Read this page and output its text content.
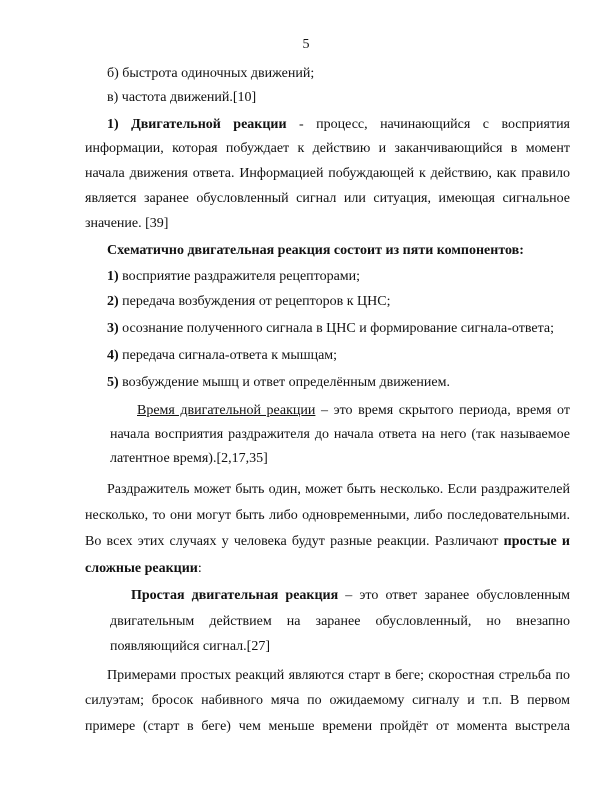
5
б) быстрота одиночных движений;
в) частота движений.[10]
1) Двигательной реакции - процесс, начинающийся с восприятия
информации, которая побуждает к действию и заканчивающийся в момент
начала движения ответа. Информацией побуждающей к действию, как правило
является заранее обусловленный сигнал или ситуация, имеющая сигнальное
значение. [39]
Схематично двигательная реакция состоит из пяти компонентов:
1) восприятие раздражителя рецепторами;
2) передача возбуждения от рецепторов к ЦНС;
3) осознание полученного сигнала в ЦНС и формирование сигнала-ответа;
4) передача сигнала-ответа к мышцам;
5) возбуждение мышц и ответ определённым движением.
Время двигательной реакции – это время скрытого периода, время от
начала восприятия раздражителя до начала ответа на него (так называемое
латентное время).[2,17,35]
Раздражитель может быть один, может быть несколько. Если раздражителей
несколько, то они могут быть либо одновременными, либо последовательными.
Во всех этих случаях у человека будут разные реакции. Различают простые и
сложные реакции:
Простая двигательная реакция – это ответ заранее обусловленным
двигательным действием на заранее обусловленный, но внезапно
появляющийся сигнал.[27]
Примерами простых реакций являются старт в беге; скоростная стрельба по
силуэтам; бросок набивного мяча по ожидаемому сигналу и т.п. В первом
примере (старт в беге) чем меньше времени пройдёт от момента выстрела
